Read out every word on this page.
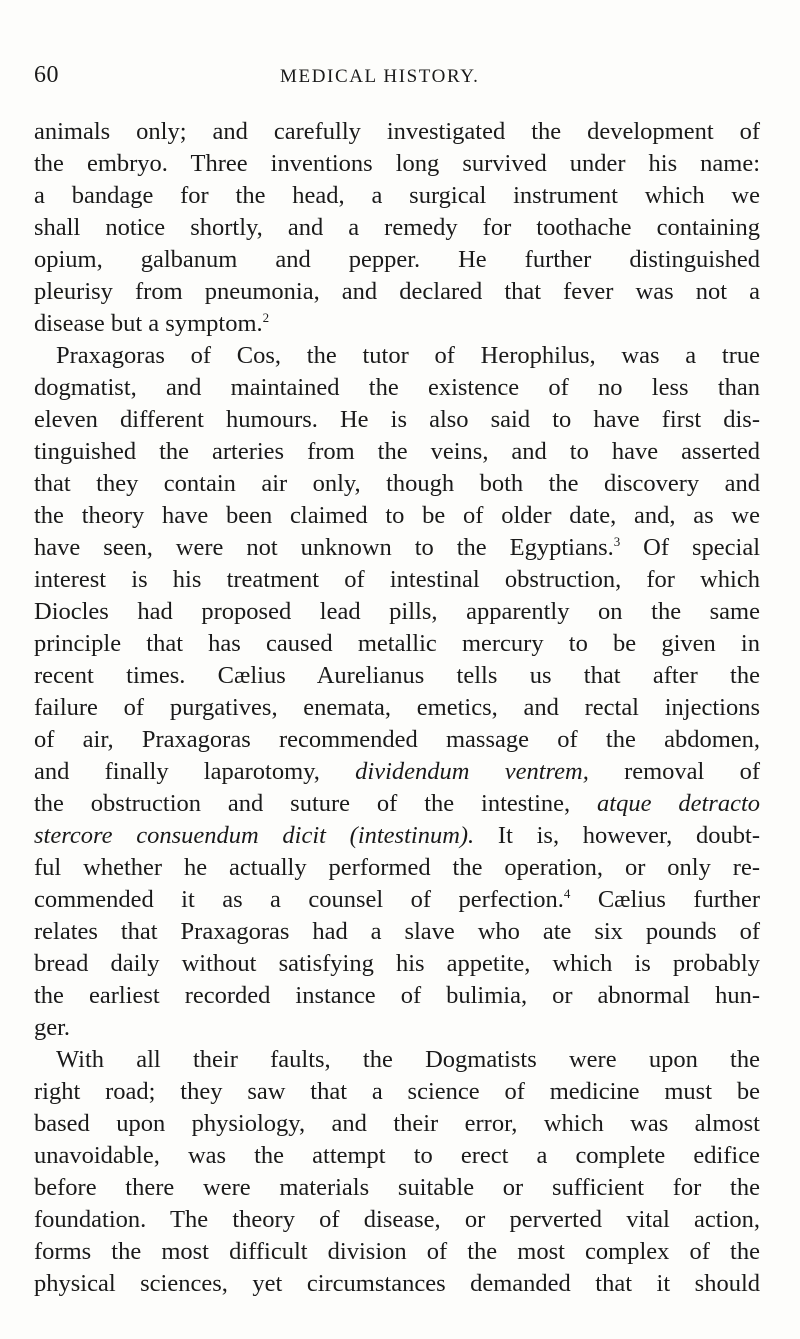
60	MEDICAL HISTORY.
animals only; and carefully investigated the development of
the embryo. Three inventions long survived under his name:
a bandage for the head, a surgical instrument which we
shall notice shortly, and a remedy for toothache containing
opium, galbanum and pepper. He further distinguished
pleurisy from pneumonia, and declared that fever was not a
disease but a symptom.$^2$
Praxagoras of Cos, the tutor of Herophilus, was a true
dogmatist, and maintained the existence of no less than
eleven different humours. He is also said to have first dis-
tinguished the arteries from the veins, and to have asserted
that they contain air only, though both the discovery and
the theory have been claimed to be of older date, and, as we
have seen, were not unknown to the Egyptians.$^3$ Of special
interest is his treatment of intestinal obstruction, for which
Diocles had proposed lead pills, apparently on the same
principle that has caused metallic mercury to be given in
recent times. Cælius Aurelianus tells us that after the
failure of purgatives, enemata, emetics, and rectal injections
of air, Praxagoras recommended massage of the abdomen,
and finally laparotomy, dividendum ventrem, removal of
the obstruction and suture of the intestine, atque detracto
stercore consuendum dicit (intestinum). It is, however, doubt-
ful whether he actually performed the operation, or only re-
commended it as a counsel of perfection.$^4$ Cælius further
relates that Praxagoras had a slave who ate six pounds of
bread daily without satisfying his appetite, which is probably
the earliest recorded instance of bulimia, or abnormal hun-
ger.
With all their faults, the Dogmatists were upon the
right road; they saw that a science of medicine must be
based upon physiology, and their error, which was almost
unavoidable, was the attempt to erect a complete edifice
before there were materials suitable or sufficient for the
foundation. The theory of disease, or perverted vital action,
forms the most difficult division of the most complex of the
physical sciences, yet circumstances demanded that it should
